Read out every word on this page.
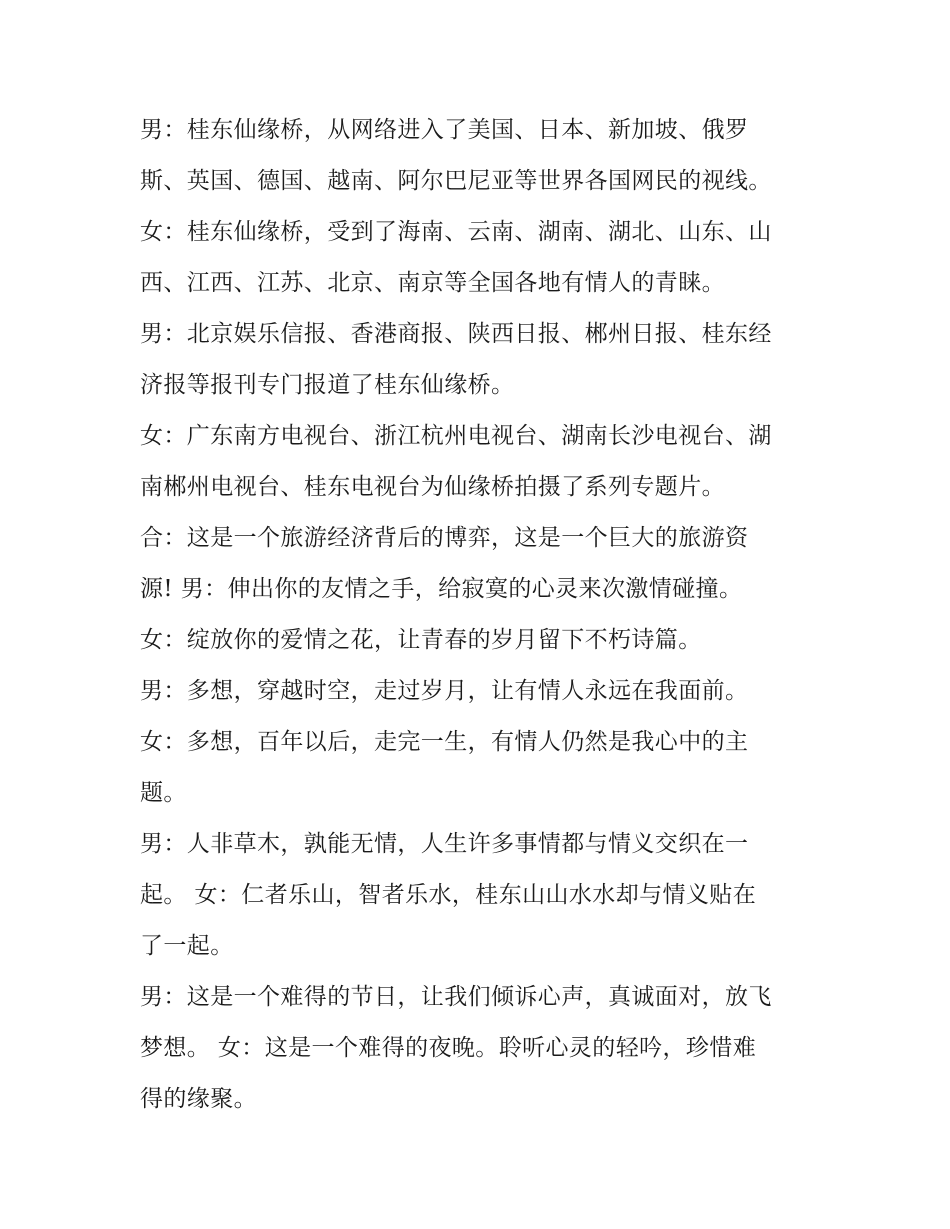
男：桂东仙缘桥，从网络进入了美国、日本、新加坡、俄罗
斯、英国、德国、越南、阿尔巴尼亚等世界各国网民的视线。
女：桂东仙缘桥，受到了海南、云南、湖南、湖北、山东、山
西、江西、江苏、北京、南京等全国各地有情人的青睐。
男：北京娱乐信报、香港商报、陕西日报、郴州日报、桂东经
济报等报刊专门报道了桂东仙缘桥。
女：广东南方电视台、浙江杭州电视台、湖南长沙电视台、湖
南郴州电视台、桂东电视台为仙缘桥拍摄了系列专题片。
合：这是一个旅游经济背后的博弈，这是一个巨大的旅游资
源! 男：伸出你的友情之手，给寂寞的心灵来次激情碰撞。
女：绽放你的爱情之花，让青春的岁月留下不朽诗篇。
男：多想，穿越时空，走过岁月，让有情人永远在我面前。
女：多想，百年以后，走完一生，有情人仍然是我心中的主
题。
男：人非草木，孰能无情，人生许多事情都与情义交织在一
起。 女：仁者乐山，智者乐水，桂东山山水水却与情义贴在
了一起。
男：这是一个难得的节日，让我们倾诉心声，真诚面对，放飞
梦想。 女：这是一个难得的夜晚。聆听心灵的轻吟，珍惜难
得的缘聚。
